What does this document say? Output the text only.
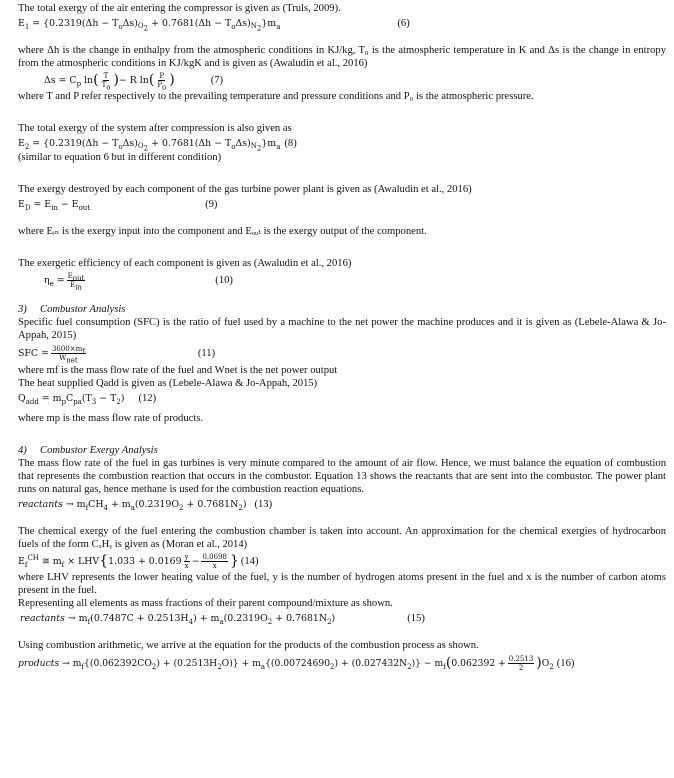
The total exergy of the air entering the compressor is given as (Truls, 2009).

$E_1 = \{0.2319(\Delta h - T_o\Delta s)_{O_2} + 0.7681(\Delta h - T_o\Delta s)_{N_2}\}m_a$	(6)

where Δh is the change in enthalpy from the atmospheric conditions in KJ/kg, T₀ is the atmospheric temperature in K and Δs is the change in entropy from the atmospheric conditions in KJ/kgK and is given as (Awaludin et al., 2016)

$\Delta s = C_p$ ln ( $\frac{T}{T_o}$ ) − R ln ( $\frac{P}{P_o}$ )	(7)

where T and P refer respectively to the prevailing temperature and pressure conditions and P₀ is the atmospheric pressure.

The total exergy of the system after compression is also given as

$E_2 = \{0.2319(\Delta h - T_o\Delta s)_{O_2} + 0.7681(\Delta h - T_o\Delta s)_{N_2}\}m_a$ (8)

(similar to equation 6 but in different condition)

The exergy destroyed by each component of the gas turbine power plant is given as (Awaludin et al., 2016)

$E_D = E_{in} - E_{out}$	(9)

where Eᵢₙ is the exergy input into the component and Eₒᵤₜ is the exergy output of the component.

The exergetic efficiency of each component is given as (Awaludin et al., 2016)

$\eta_e = \frac{E_{out}}{E_{in}}$	(10)

3) Combustor Analysis

Specific fuel consumption (SFC) is the ratio of fuel used by a machine to the net power the machine produces and it is given as (Lebele-Alawa & Jo-Appah, 2015)

SFC = $\frac{3600\times m_f}{W_{net}}$	(11)

where mf is the mass flow rate of the fuel and Wnet is the net power output

The heat supplied Qadd is given as (Lebele-Alawa & Jo-Appah, 2015)

$Q_{add} = m_pC_{pa}(T_3 - T_2)$ (12)

where mp is the mass flow rate of products.

4) Combustor Exergy Analysis

The mass flow rate of the fuel in gas turbines is very minute compared to the amount of air flow. Hence, we must balance the equation of combustion that represents the combustion reaction that occurs in the combustor. Equation 13 shows the reactants that are sent into the combustor. The power plant runs on natural gas, hence methane is used for the combustion reaction equations.

reactants → $m_fCH_4 + m_a(0.2319O_2 + 0.7681N_2)$ (13)

The chemical exergy of the fuel entering the combustion chamber is taken into account. An approximation for the chemical exergies of hydrocarbon fuels of the form CₓHᵧ is given as (Moran et al., 2014)

$E_f^{CH}$ ≅ $m_f$ × LHV { $1.033 + 0.0169 \frac{y}{x} - \frac{0.0698}{x}$ } (14)

where LHV represents the lower heating value of the fuel, y is the number of hydrogen atoms present in the fuel and x is the number of carbon atoms present in the fuel.

Representing all elements as mass fractions of their parent compound/mixture as shown.

reactants → $m_f(0.7487C + 0.2513H_4) + m_a(0.2319O_2 + 0.7681N_2)$	(15)

Using combustion arithmetic, we arrive at the equation for the products of the combustion process as shown.

products → $m_f\{(0.062392CO_2) + (0.2513H_2O)\} + m_a\{(0.00724690_2) + (0.027432N_2)\} - m_f$ ( $0.062392 + \frac{0.2513}{2}$ ) $O_2$ (16)
